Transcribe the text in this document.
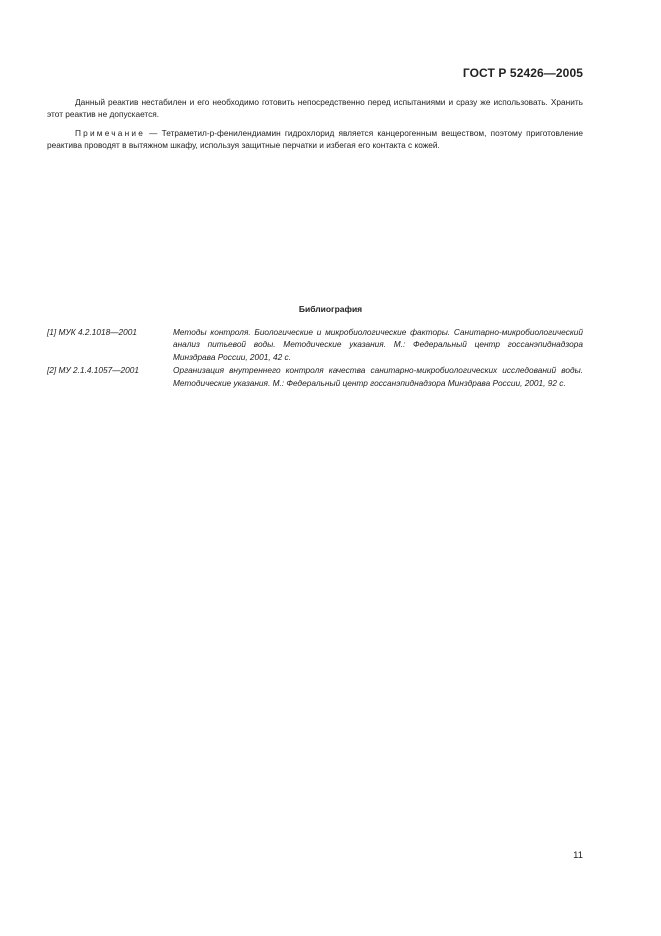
ГОСТ Р 52426—2005

Данный реактив нестабилен и его необходимо готовить непосредственно перед испытаниями и сразу же использовать. Хранить этот реактив не допускается.

Примечание — Тетраметил-p-фенилендиамин гидрохлорид является канцерогенным веществом, поэтому приготовление реактива проводят в вытяжном шкафу, используя защитные перчатки и избегая его контакта с кожей.

Библиография
[1] МУК 4.2.1018—2001	Методы контроля. Биологические и микробиологические факторы. Санитарно-микробиологический анализ питьевой воды. Методические указания. М.: Федеральный центр госсанэпиднадзора Минздрава России, 2001, 42 с.
[2] МУ 2.1.4.1057—2001	Организация внутреннего контроля качества санитарно-микробиологических исследований воды. Методические указания. М.: Федеральный центр госсанэпиднадзора Минздрава России, 2001, 92 с.
11
